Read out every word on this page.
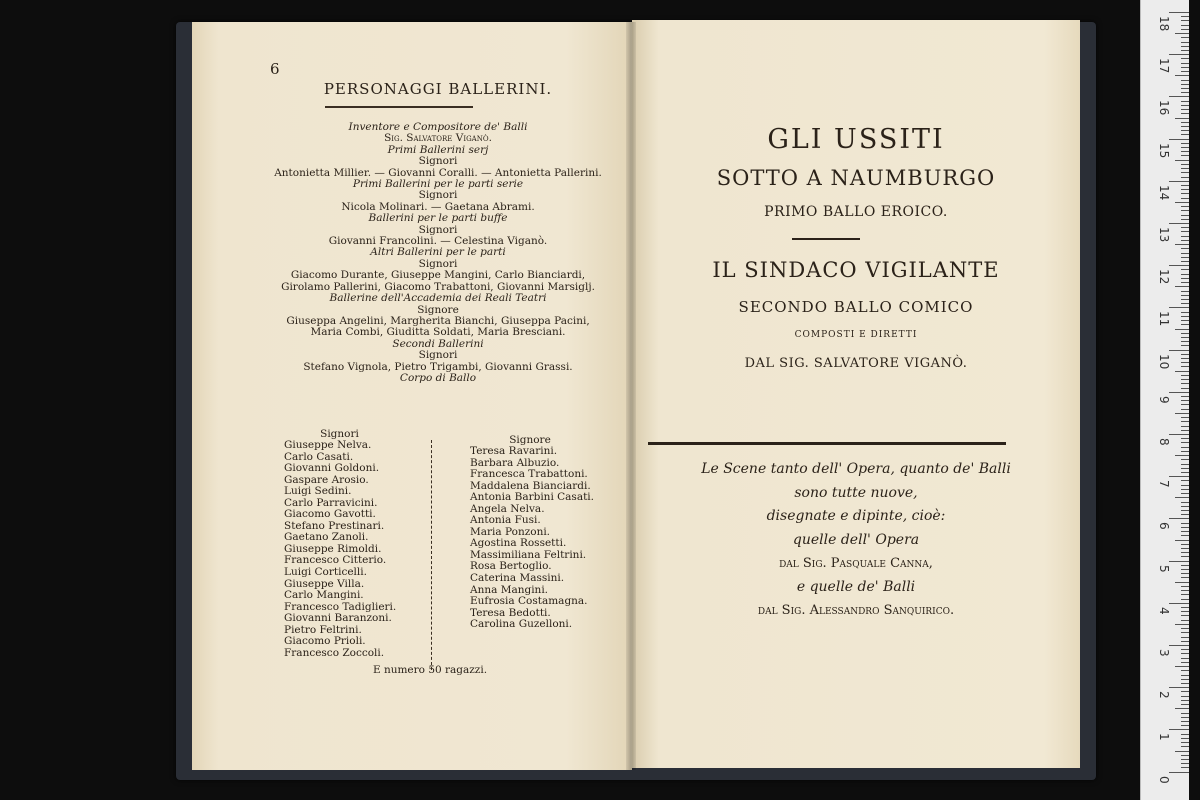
6
PERSONAGGI BALLERINI.
Inventore e Compositore de' Balli
Sig. Salvatore Viganò.
Primi Ballerini serj
Signori
Antonietta Millier. — Giovanni Coralli. — Antonietta Pallerini.
Primi Ballerini per le parti serie
Signori
Nicola Molinari. — Gaetana Abrami.
Ballerini per le parti buffe
Signori
Giovanni Francolini. — Celestina Viganò.
Altri Ballerini per le parti
Signori
Giacomo Durante, Giuseppe Mangini, Carlo Bianciardi,
Girolamo Pallerini, Giacomo Trabattoni, Giovanni Marsiglj.
Ballerine dell'Accademia dei Reali Teatri
Signore
Giuseppa Angelini, Margherita Bianchi, Giuseppa Pacini,
Maria Combi, Giuditta Soldati, Maria Bresciani.
Secondi Ballerini
Signori
Stefano Vignola, Pietro Trigambi, Giovanni Grassi.
Corpo di Ballo
Signori
Giuseppe Nelva.
Carlo Casati.
Giovanni Goldoni.
Gaspare Arosio.
Luigi Sedini.
Carlo Parravicini.
Giacomo Gavotti.
Stefano Prestinari.
Gaetano Zanoli.
Giuseppe Rimoldi.
Francesco Citterio.
Luigi Corticelli.
Giuseppe Villa.
Carlo Mangini.
Francesco Tadiglieri.
Giovanni Baranzoni.
Pietro Feltrini.
Giacomo Prioli.
Francesco Zoccoli.
Signore
Teresa Ravarini.
Barbara Albuzio.
Francesca Trabattoni.
Maddalena Bianciardi.
Antonia Barbini Casati.
Angela Nelva.
Antonia Fusi.
Maria Ponzoni.
Agostina Rossetti.
Massimiliana Feltrini.
Rosa Bertoglio.
Caterina Massini.
Anna Mangini.
Eufrosia Costamagna.
Teresa Bedotti.
Carolina Guzelloni.
E numero 50 ragazzi.
GLI USSITI
SOTTO A NAUMBURGO
PRIMO BALLO EROICO.
IL SINDACO VIGILANTE
SECONDO BALLO COMICO
COMPOSTI E DIRETTI
DAL SIG. SALVATORE VIGANÒ.
Le Scene tanto dell' Opera, quanto de' Balli
sono tutte nuove,
disegnate e dipinte, cioè:
quelle dell' Opera
dal Sig. Pasquale Canna,
e quelle de' Balli
dal Sig. Alessandro Sanquirico.
18
17
16
15
14
13
12
11
10
9
8
7
6
5
4
3
2
1
0
